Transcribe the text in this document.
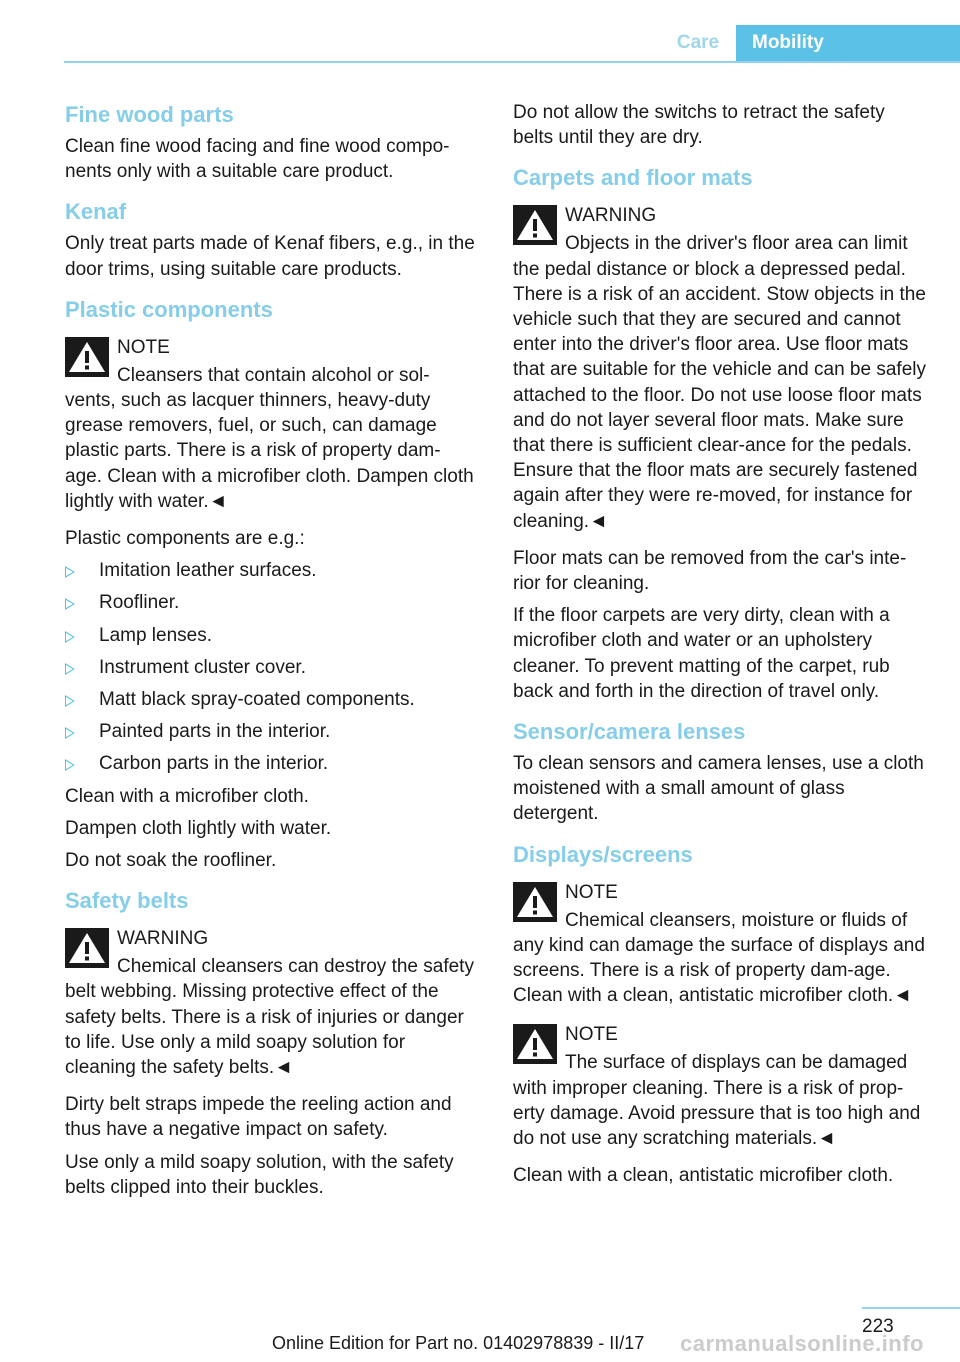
Care	Mobility
Fine wood parts

Clean fine wood facing and fine wood compo-nents only with a suitable care product.

Kenaf

Only treat parts made of Kenaf fibers, e.g., in the door trims, using suitable care products.

Plastic components
NOTE
Cleansers that contain alcohol or sol-vents, such as lacquer thinners, heavy-duty grease removers, fuel, or such, can damage plastic parts. There is a risk of property dam-age. Clean with a microfiber cloth. Dampen cloth lightly with water.◄

Plastic components are e.g.:

Imitation leather surfaces.
Roofliner.
Lamp lenses.
Instrument cluster cover.
Matt black spray-coated components.
Painted parts in the interior.
Carbon parts in the interior.

Clean with a microfiber cloth.

Dampen cloth lightly with water.

Do not soak the roofliner.

Safety belts
WARNING
Chemical cleansers can destroy the safety belt webbing. Missing protective effect of the safety belts. There is a risk of injuries or danger to life. Use only a mild soapy solution for cleaning the safety belts.◄

Dirty belt straps impede the reeling action and thus have a negative impact on safety.

Use only a mild soapy solution, with the safety belts clipped into their buckles.

Do not allow the switchs to retract the safety belts until they are dry.

Carpets and floor mats
WARNING
Objects in the driver's floor area can limit the pedal distance or block a depressed pedal. There is a risk of an accident. Stow objects in the vehicle such that they are secured and cannot enter into the driver's floor area. Use floor mats that are suitable for the vehicle and can be safely attached to the floor. Do not use loose floor mats and do not layer several floor mats. Make sure that there is sufficient clear-ance for the pedals. Ensure that the floor mats are securely fastened again after they were re-moved, for instance for cleaning.◄

Floor mats can be removed from the car's inte-rior for cleaning.

If the floor carpets are very dirty, clean with a microfiber cloth and water or an upholstery cleaner. To prevent matting of the carpet, rub back and forth in the direction of travel only.

Sensor/camera lenses

To clean sensors and camera lenses, use a cloth moistened with a small amount of glass detergent.

Displays/screens
NOTE
Chemical cleansers, moisture or fluids of any kind can damage the surface of displays and screens. There is a risk of property dam-age. Clean with a clean, antistatic microfiber cloth.◄
NOTE
The surface of displays can be damaged with improper cleaning. There is a risk of prop-erty damage. Avoid pressure that is too high and do not use any scratching materials.◄

Clean with a clean, antistatic microfiber cloth.

223
Online Edition for Part no. 01402978839 - II/17 carmanualsonline.info
